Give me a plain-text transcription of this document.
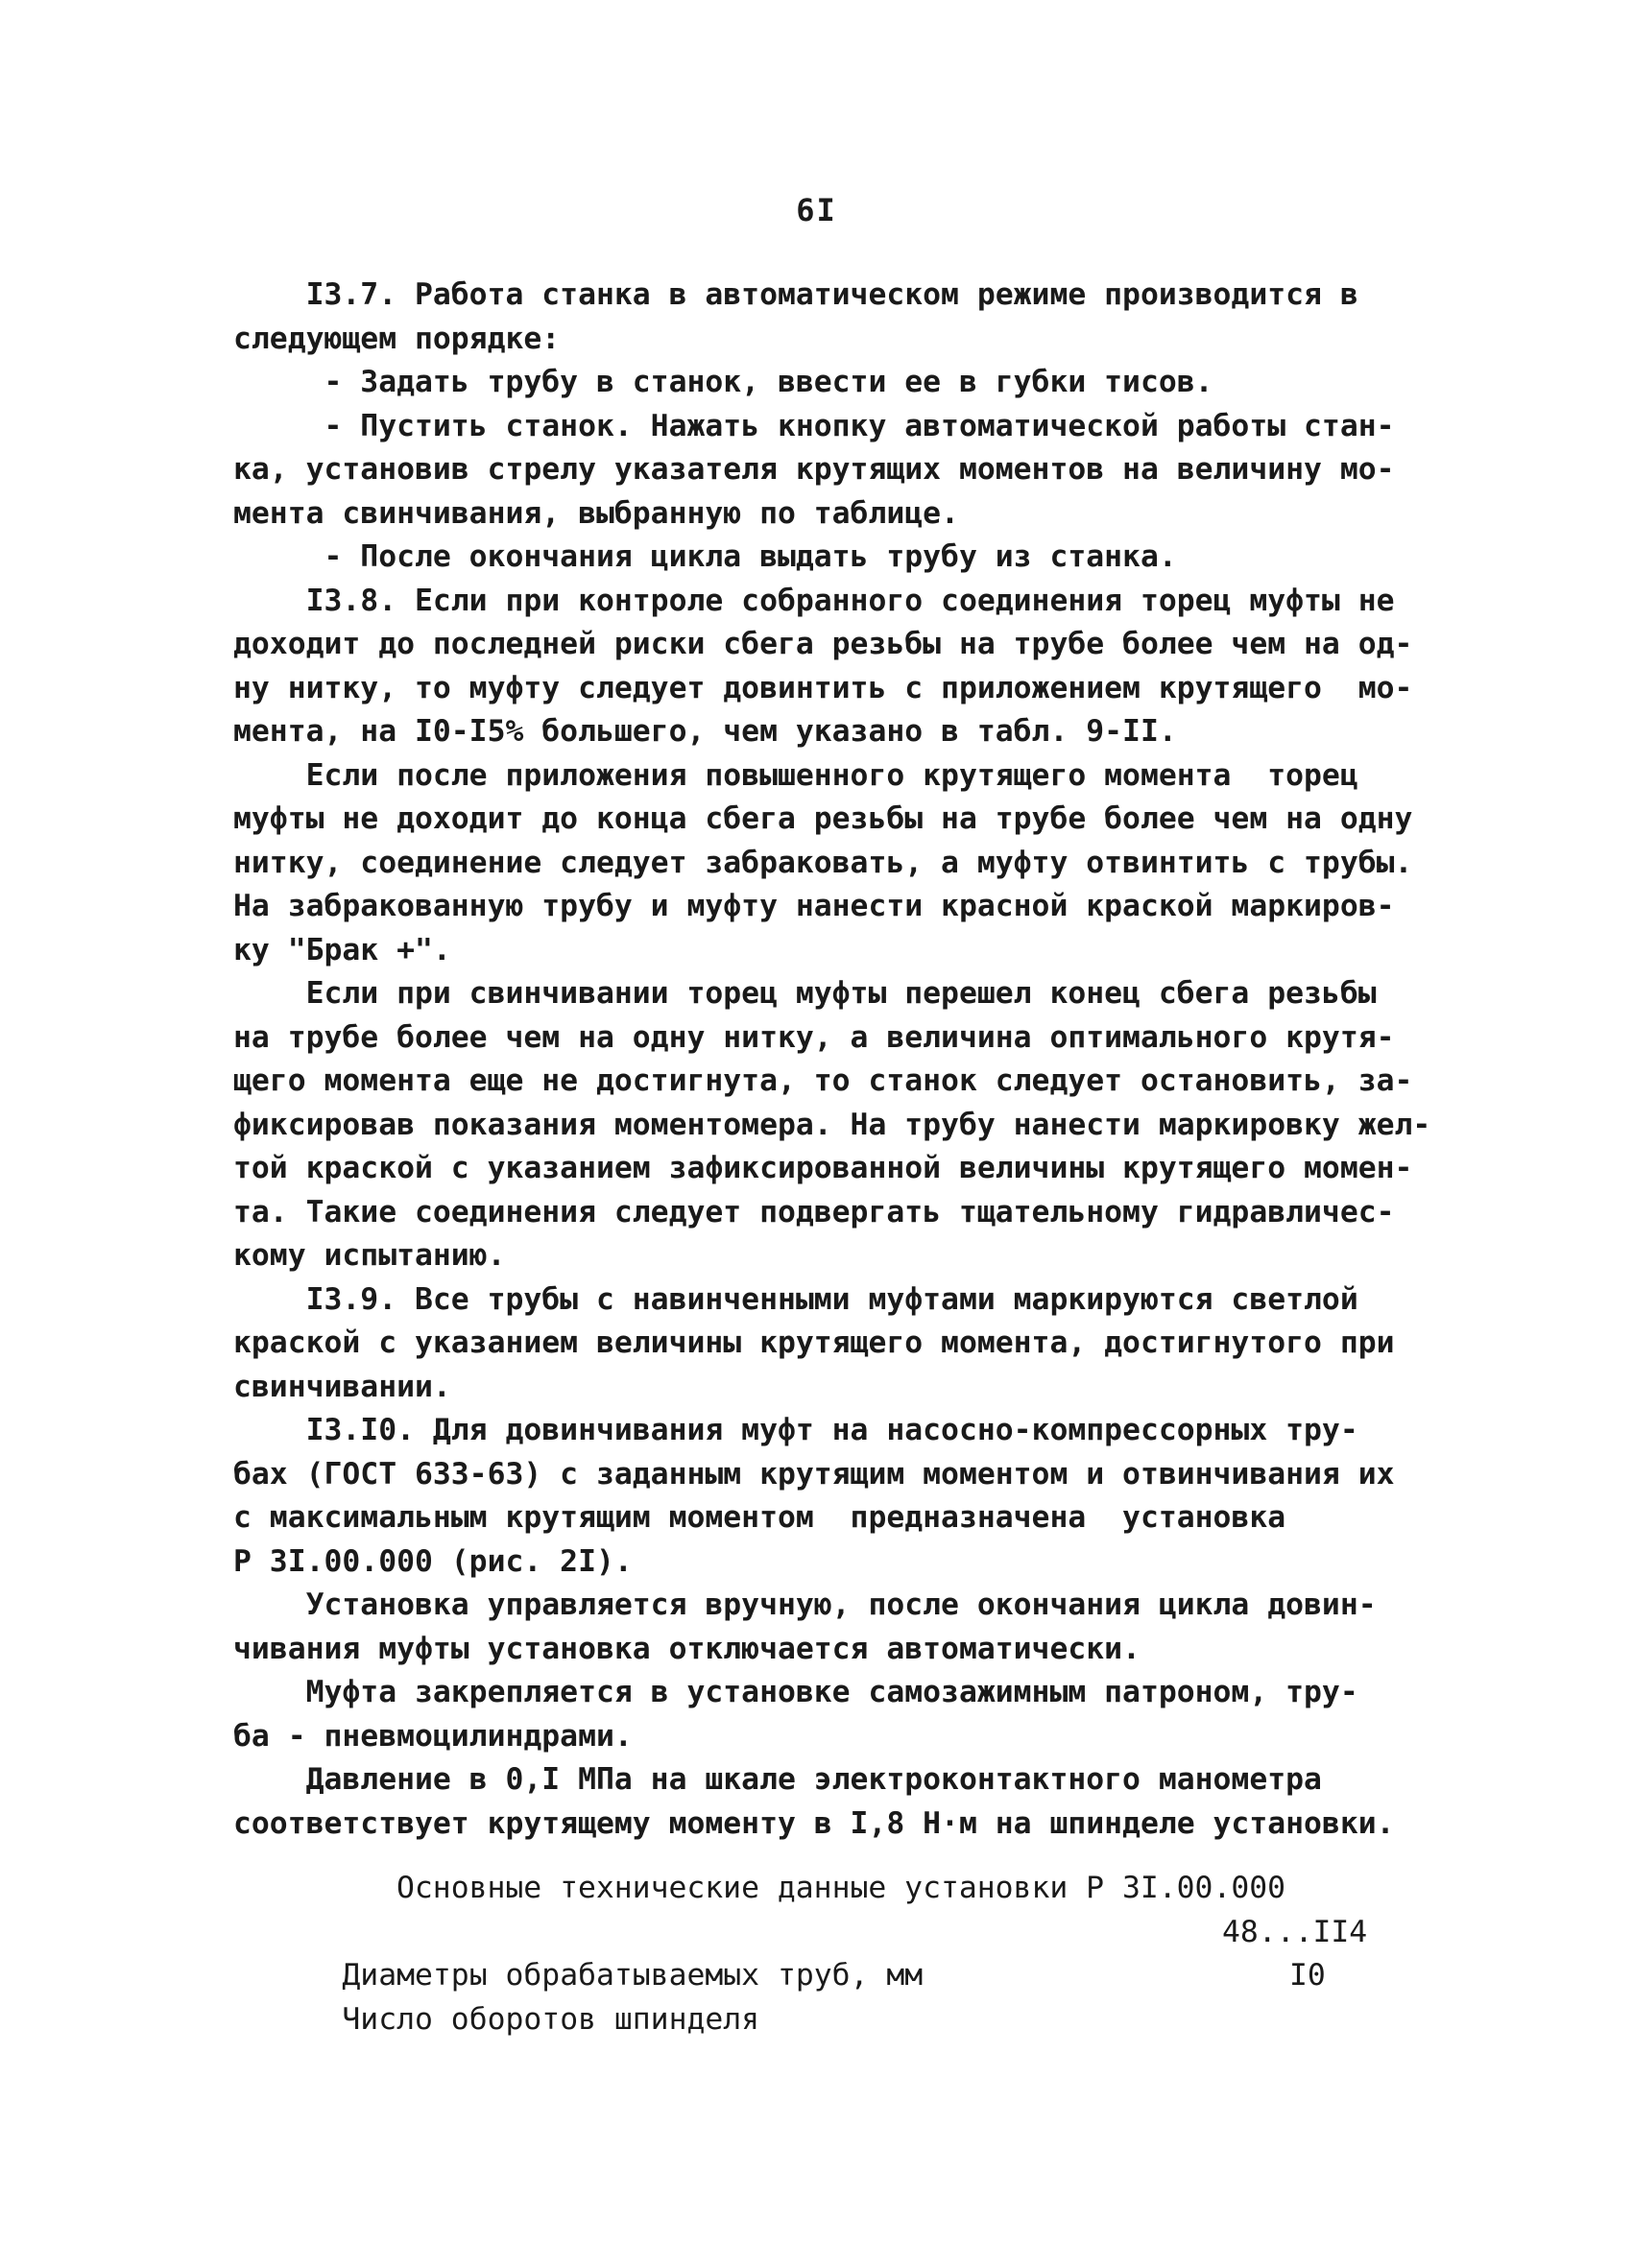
6I
I3.7. Работа станка в автоматическом режиме производится в
следующем порядке:
- Задать трубу в станок, ввести ее в губки тисов.
- Пустить станок. Нажать кнопку автоматической работы стан-
ка, установив стрелу указателя крутящих моментов на величину мо-
мента свинчивания, выбранную по таблице.
- После окончания цикла выдать трубу из станка.
I3.8. Если при контроле собранного соединения торец муфты не
доходит до последней риски сбега резьбы на трубе более чем на од-
ну нитку, то муфту следует довинтить с приложением крутящего  мо-
мента, на I0-I5% большего, чем указано в табл. 9-II.
Если после приложения повышенного крутящего момента  торец
муфты не доходит до конца сбега резьбы на трубе более чем на одну
нитку, соединение следует забраковать, а муфту отвинтить с трубы.
На забракованную трубу и муфту нанести красной краской маркиров-
ку "Брак +".
Если при свинчивании торец муфты перешел конец сбега резьбы
на трубе более чем на одну нитку, а величина оптимального крутя-
щего момента еще не достигнута, то станок следует остановить, за-
фиксировав показания моментомера. На трубу нанести маркировку жел-
той краской с указанием зафиксированной величины крутящего момен-
та. Такие соединения следует подвергать тщательному гидравличес-
кому испытанию.
I3.9. Все трубы с навинченными муфтами маркируются светлой
краской с указанием величины крутящего момента, достигнутого при
свинчивании.
I3.I0. Для довинчивания муфт на насосно-компрессорных тру-
бах (ГОСТ 633-63) с заданным крутящим моментом и отвинчивания их
с максимальным крутящим моментом  предназначена  установка
Р 3I.00.000 (рис. 2I).
Установка управляется вручную, после окончания цикла довин-
чивания муфты установка отключается автоматически.
Муфта закрепляется в установке самозажимным патроном, тру-
ба - пневмоцилиндрами.
Давление в 0,I МПа на шкале электроконтактного манометра
соответствует крутящему моменту в I,8 Н·м на шпинделе установки.
Основные технические данные установки Р 3I.00.000

Диаметры обрабатываемых труб, мм

48...II4

Число оборотов шпинделя

I0
